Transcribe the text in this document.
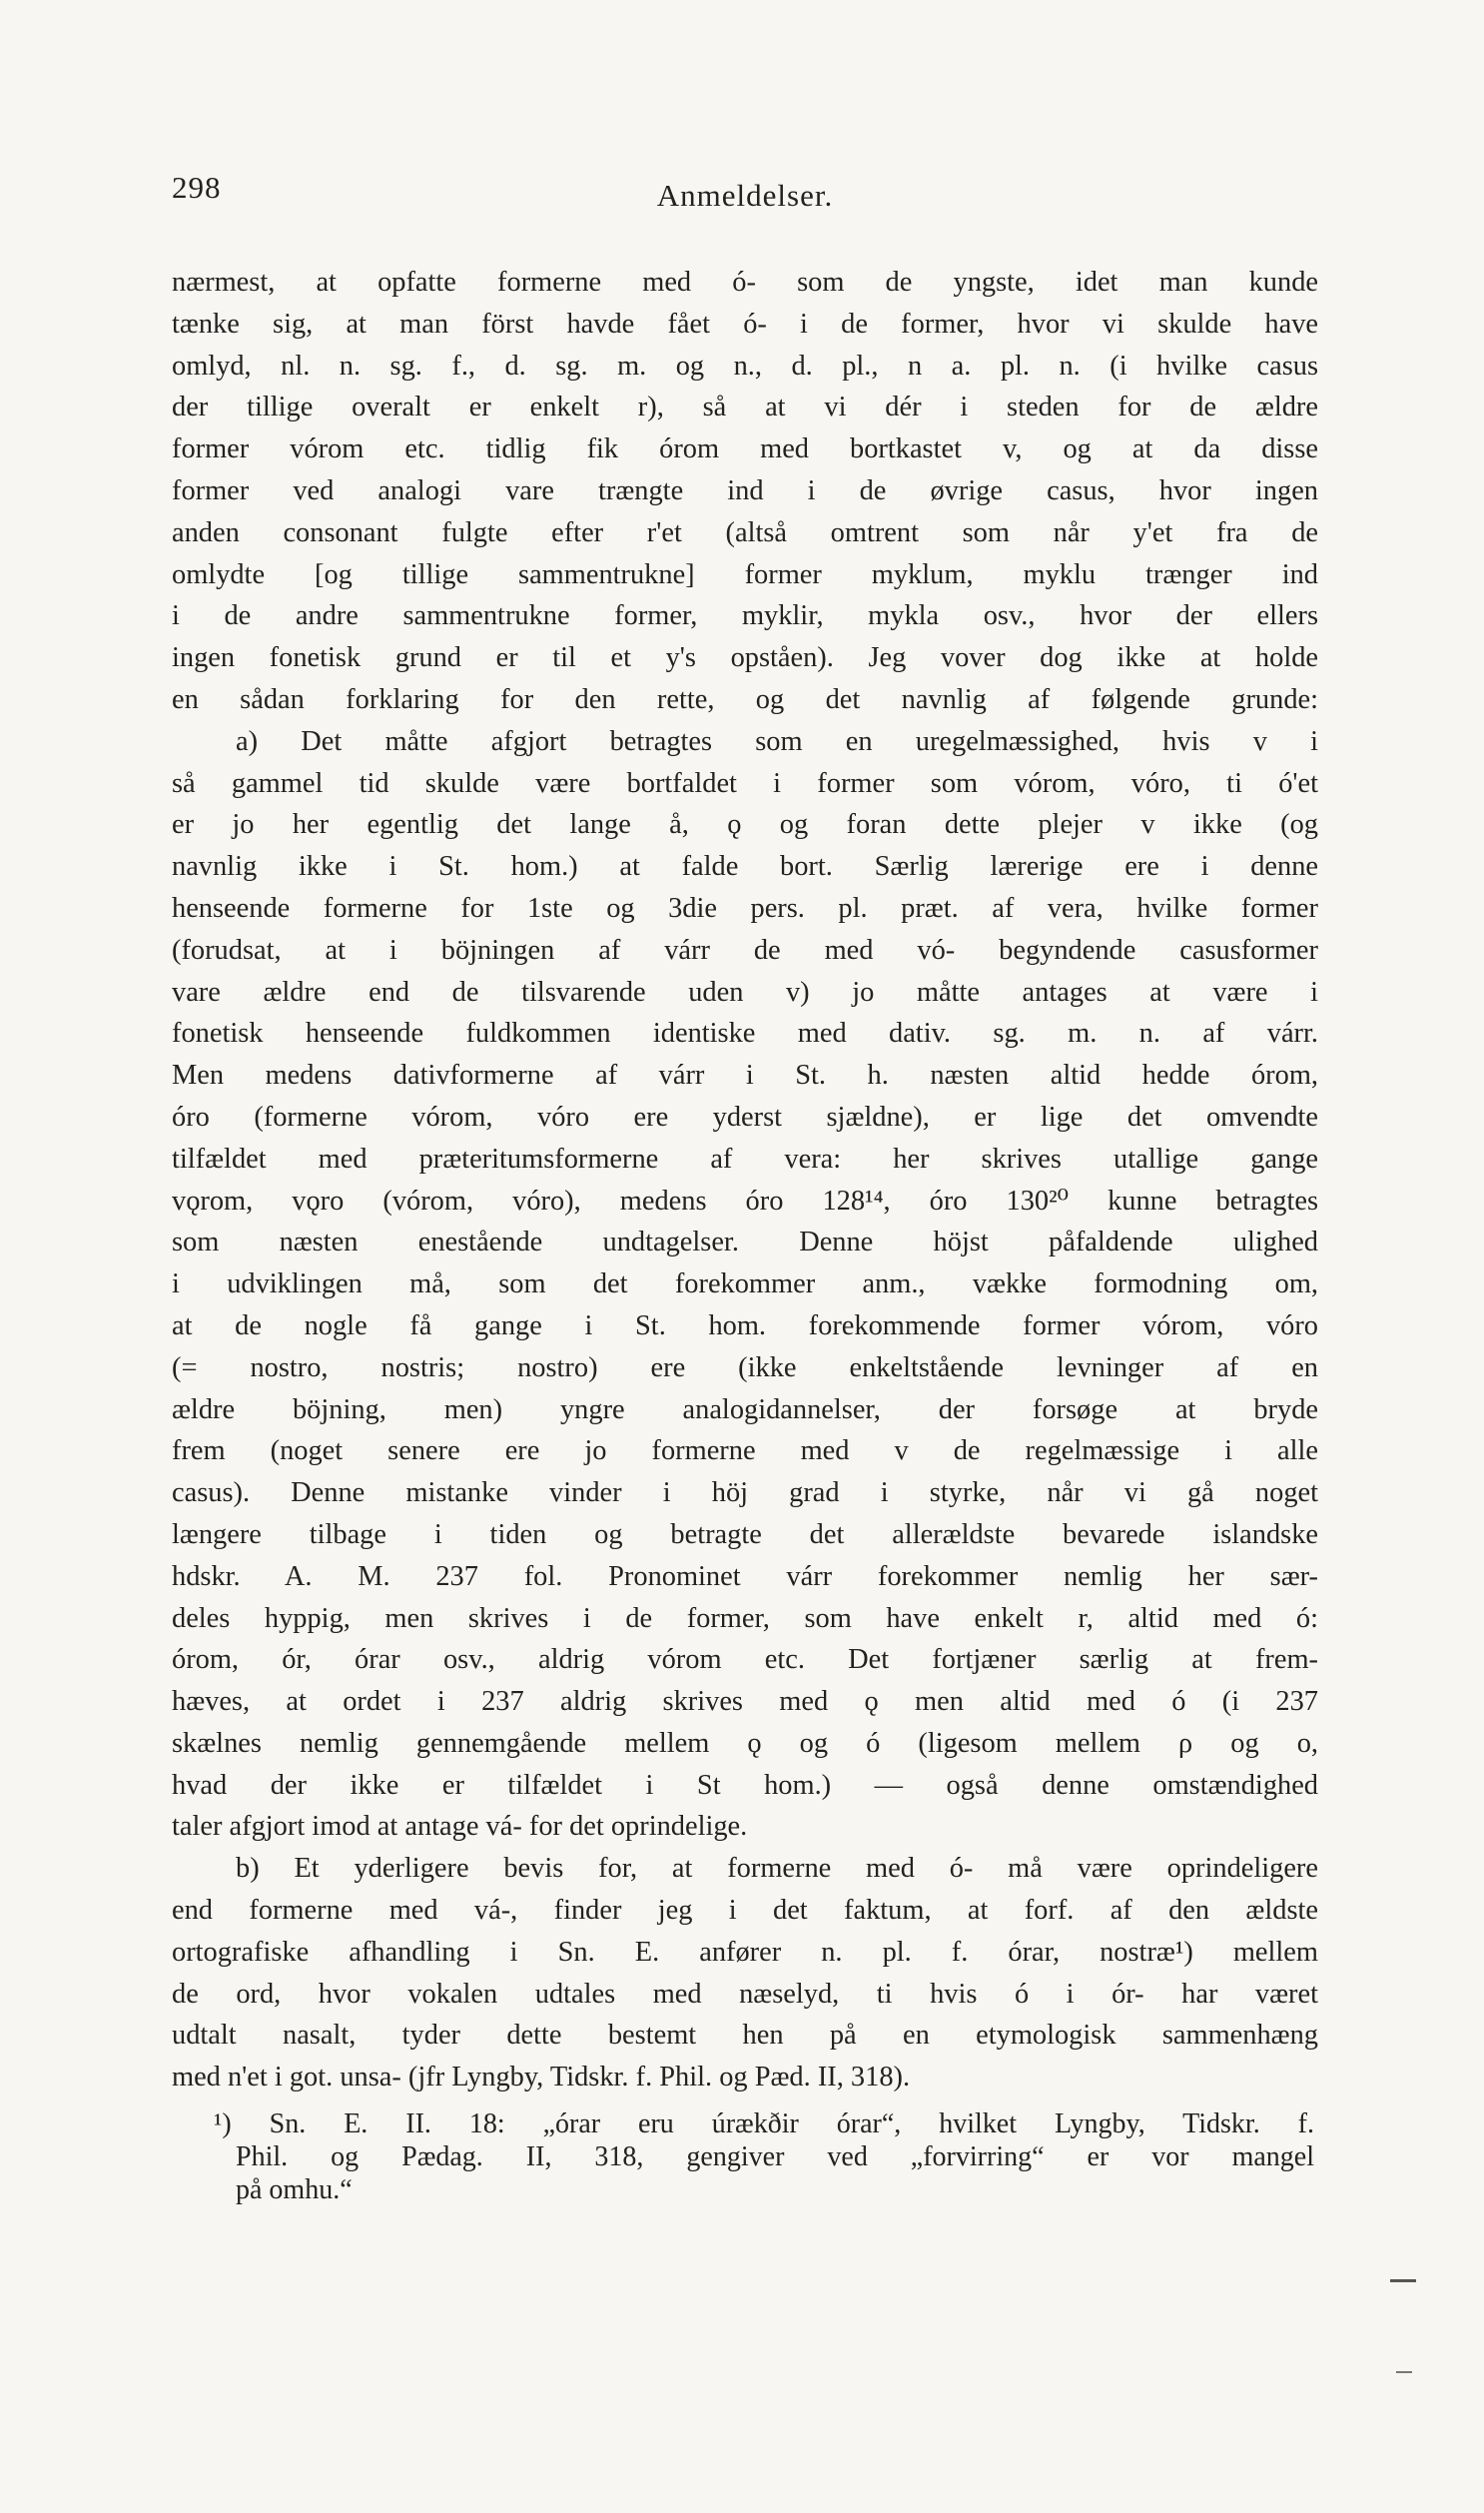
298	Anmeldelser.
nærmest, at opfatte formerne med ó- som de yngste, idet man kunde
tænke sig, at man först havde fået ó- i de former, hvor vi skulde have
omlyd, nl. n. sg. f., d. sg. m. og n., d. pl., n a. pl. n. (i hvilke casus
der tillige overalt er enkelt r), så at vi dér i steden for de ældre
former vórom etc. tidlig fik órom med bortkastet v, og at da disse
former ved analogi vare trængte ind i de øvrige casus, hvor ingen
anden consonant fulgte efter r'et (altså omtrent som når y'et fra de
omlydte [og tillige sammentrukne] former myklum, myklu trænger ind
i de andre sammentrukne former, myklir, mykla osv., hvor der ellers
ingen fonetisk grund er til et y's opståen). Jeg vover dog ikke at holde
en sådan forklaring for den rette, og det navnlig af følgende grunde:
a) Det måtte afgjort betragtes som en uregelmæssighed, hvis v i
så gammel tid skulde være bortfaldet i former som vórom, vóro, ti ó'et
er jo her egentlig det lange å, ǫ og foran dette plejer v ikke (og
navnlig ikke i St. hom.) at falde bort. Særlig lærerige ere i denne
henseende formerne for 1ste og 3die pers. pl. præt. af vera, hvilke former
(forudsat, at i böjningen af várr de med vó- begyndende casusformer
vare ældre end de tilsvarende uden v) jo måtte antages at være i
fonetisk henseende fuldkommen identiske med dativ. sg. m. n. af várr.
Men medens dativformerne af várr i St. h. næsten altid hedde órom,
óro (formerne vórom, vóro ere yderst sjældne), er lige det omvendte
tilfældet med præteritumsformerne af vera: her skrives utallige gange
vǫrom, vǫro (vórom, vóro), medens óro 128¹⁴, óro 130²⁰ kunne betragtes
som næsten enestående undtagelser. Denne höjst påfaldende ulighed
i udviklingen må, som det forekommer anm., vække formodning om,
at de nogle få gange i St. hom. forekommende former vórom, vóro
(= nostro, nostris; nostro) ere (ikke enkeltstående levninger af en
ældre böjning, men) yngre analogidannelser, der forsøge at bryde
frem (noget senere ere jo formerne med v de regelmæssige i alle
casus). Denne mistanke vinder i höj grad i styrke, når vi gå noget
længere tilbage i tiden og betragte det allerældste bevarede islandske
hdskr. A. M. 237 fol. Pronominet várr forekommer nemlig her sær-
deles hyppig, men skrives i de former, som have enkelt r, altid med ó:
órom, ór, órar osv., aldrig vórom etc. Det fortjæner særlig at frem-
hæves, at ordet i 237 aldrig skrives med ǫ men altid med ó (i 237
skælnes nemlig gennemgående mellem ǫ og ó (ligesom mellem ρ og o,
hvad der ikke er tilfældet i St hom.) — også denne omstændighed
taler afgjort imod at antage vá- for det oprindelige.
b) Et yderligere bevis for, at formerne med ó- må være oprindeligere
end formerne med vá-, finder jeg i det faktum, at forf. af den ældste
ortografiske afhandling i Sn. E. anfører n. pl. f. órar, nostræ¹) mellem
de ord, hvor vokalen udtales med næselyd, ti hvis ó i ór- har været
udtalt nasalt, tyder dette bestemt hen på en etymologisk sammenhæng
med n'et i got. unsa- (jfr Lyngby, Tidskr. f. Phil. og Pæd. II, 318).
¹) Sn. E. II. 18: „órar eru úrækðir órar“, hvilket Lyngby, Tidskr. f.
Phil. og Pædag. II, 318, gengiver ved „forvirring“ er vor mangel
på omhu.“
